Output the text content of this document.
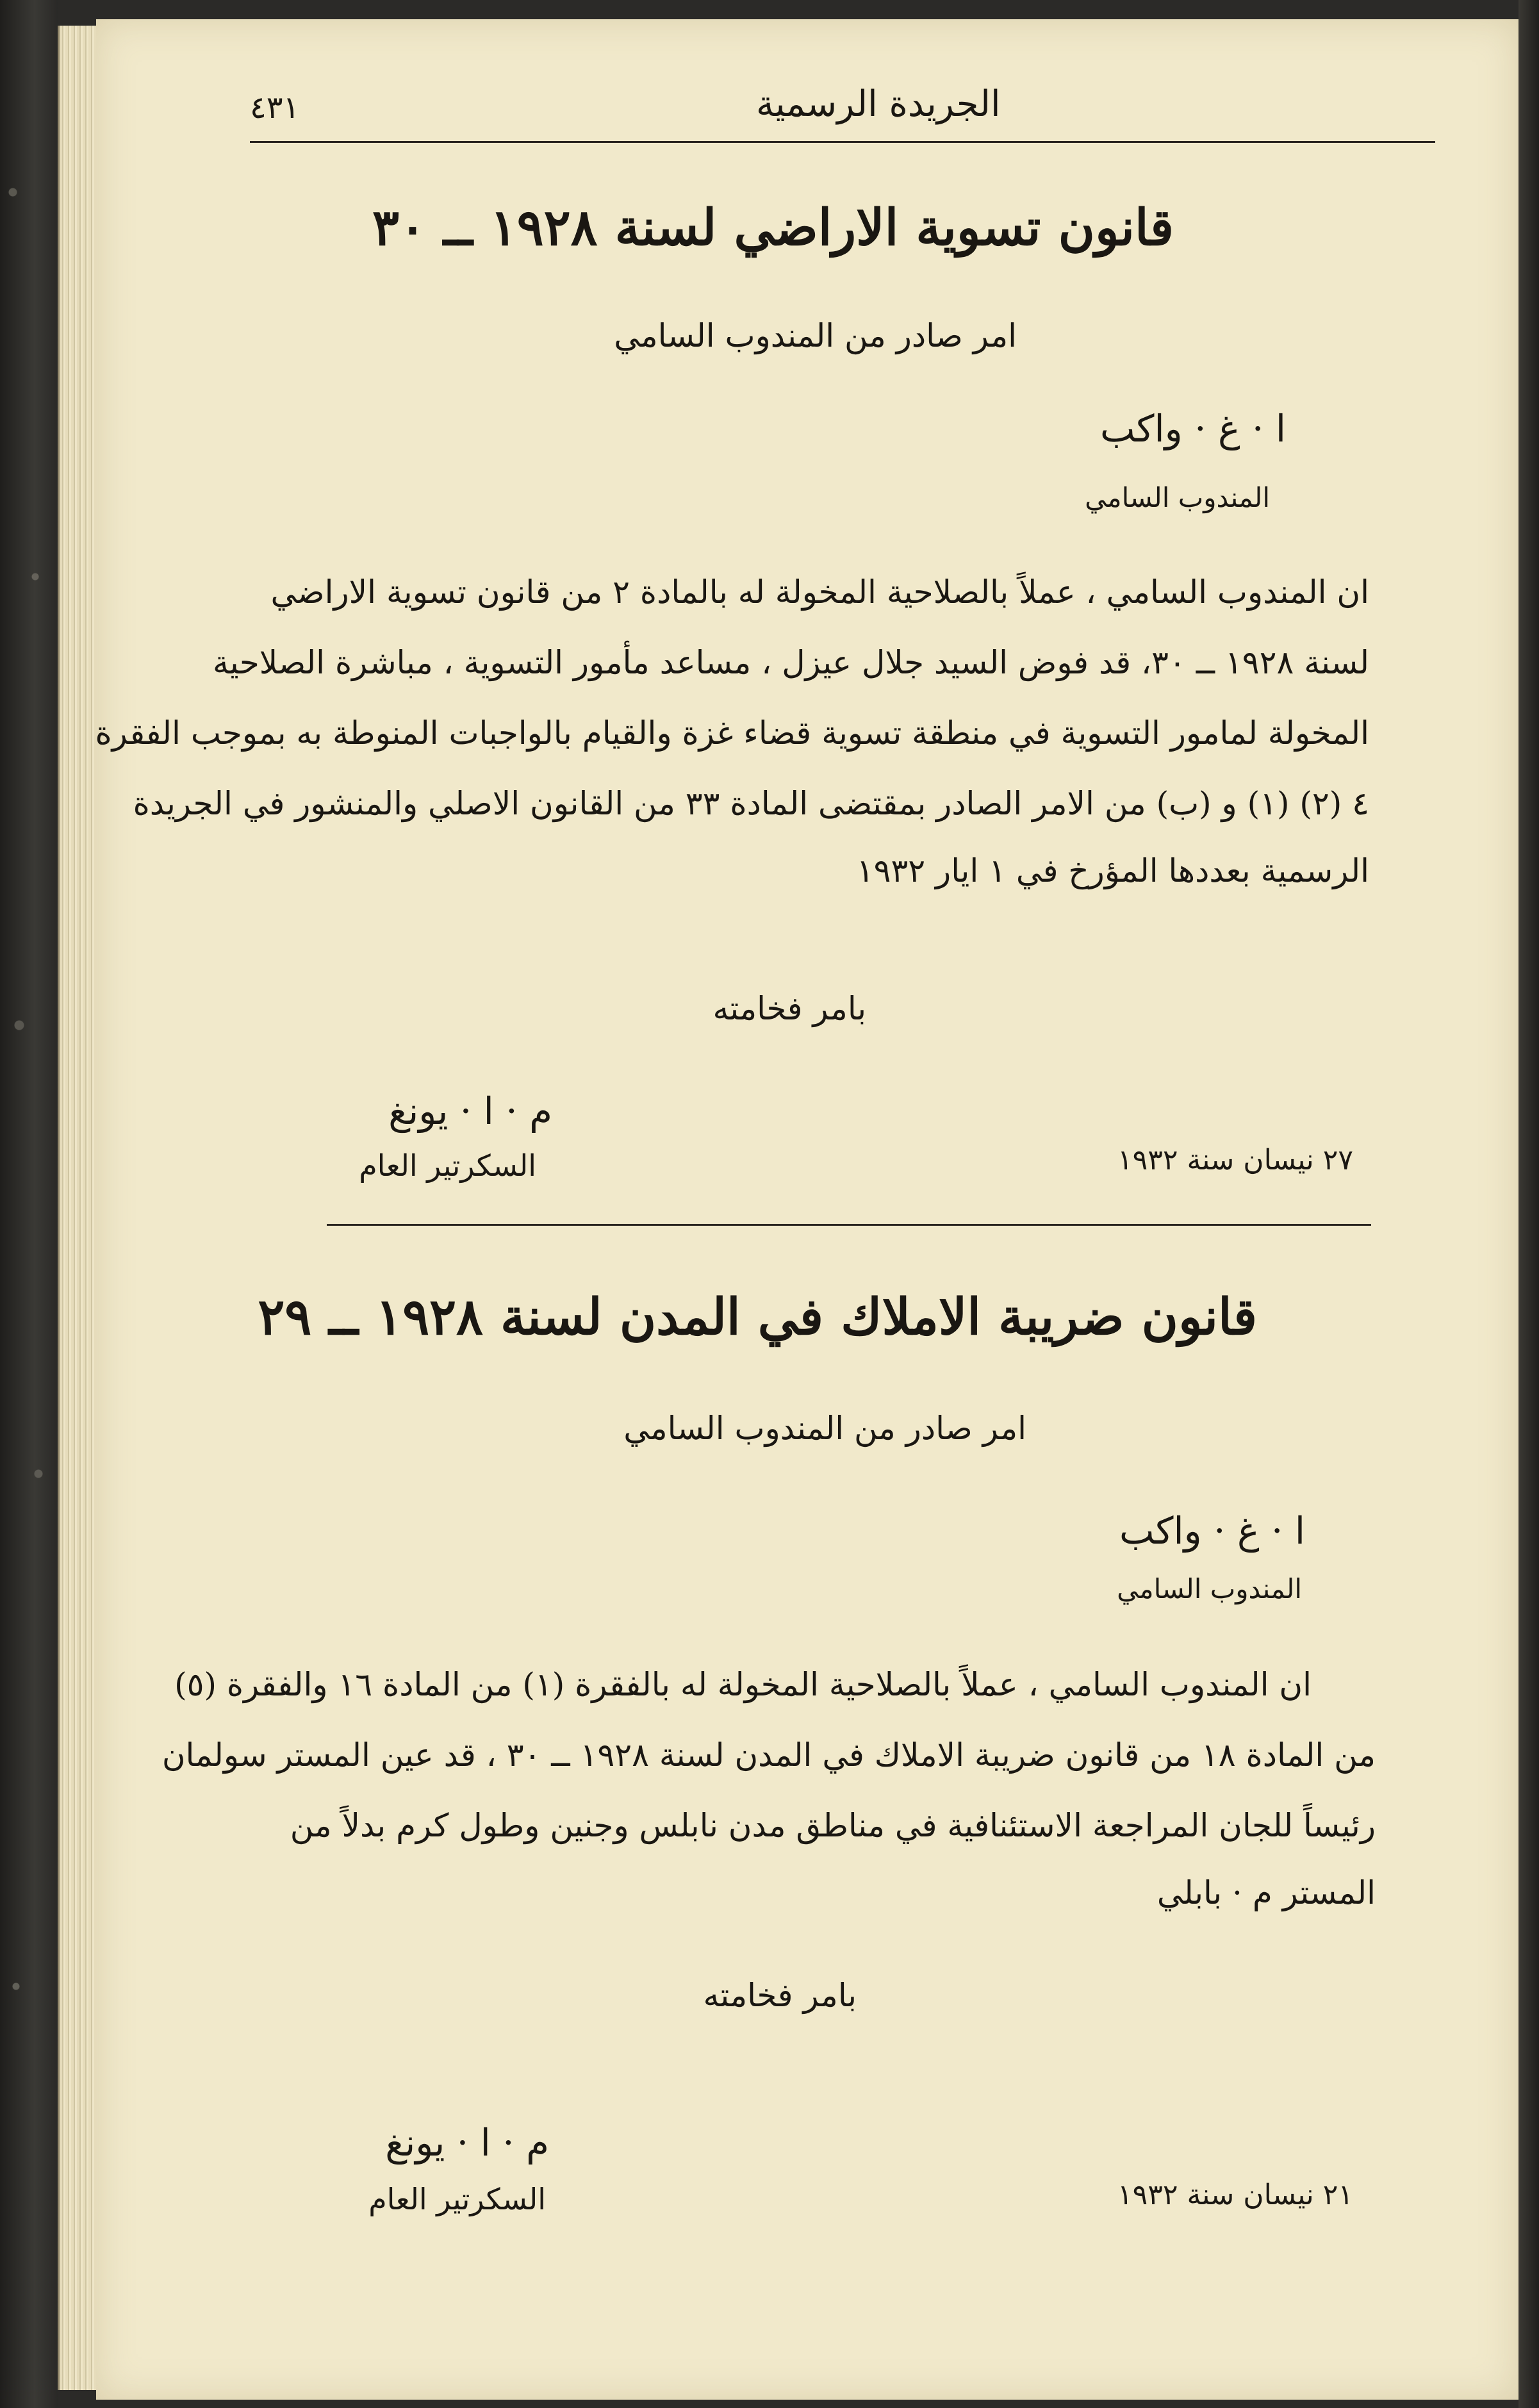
٤٣١	الجريدة الرسمية
قانون تسوية الاراضي لسنة ١٩٢٨ ــ ٣٠
امر صادر من المندوب السامي
ا · غ · واكب
المندوب السامي
ان المندوب السامي ، عملاً بالصلاحية المخولة له بالمادة ٢ من قانون تسوية الاراضي
لسنة ١٩٢٨ ــ ٣٠، قد فوض السيد جلال عيزل ، مساعد مأمور التسوية ، مباشرة الصلاحية
المخولة لمامور التسوية في منطقة تسوية قضاء غزة والقيام بالواجبات المنوطة به بموجب الفقرة
٤ (٢) (١) و (ب) من الامر الصادر بمقتضى المادة ٣٣ من القانون الاصلي والمنشور في الجريدة
الرسمية بعددها المؤرخ في ١ ايار ١٩٣٢
بامر فخامته
٢٧ نيسان سنة ١٩٣٢
م · ا · يونغ
السكرتير العام
قانون ضريبة الاملاك في المدن لسنة ١٩٢٨ ــ ٢٩
امر صادر من المندوب السامي
ا · غ · واكب
المندوب السامي
ان المندوب السامي ، عملاً بالصلاحية المخولة له بالفقرة (١) من المادة ١٦ والفقرة (٥)
من المادة ١٨ من قانون ضريبة الاملاك في المدن لسنة ١٩٢٨ ــ ٣٠ ، قد عين المستر سولمان
رئيساً للجان المراجعة الاستئنافية في مناطق مدن نابلس وجنين وطول كرم بدلاً من
المستر م · بابلي
بامر فخامته
٢١ نيسان سنة ١٩٣٢
م · ا · يونغ
السكرتير العام
